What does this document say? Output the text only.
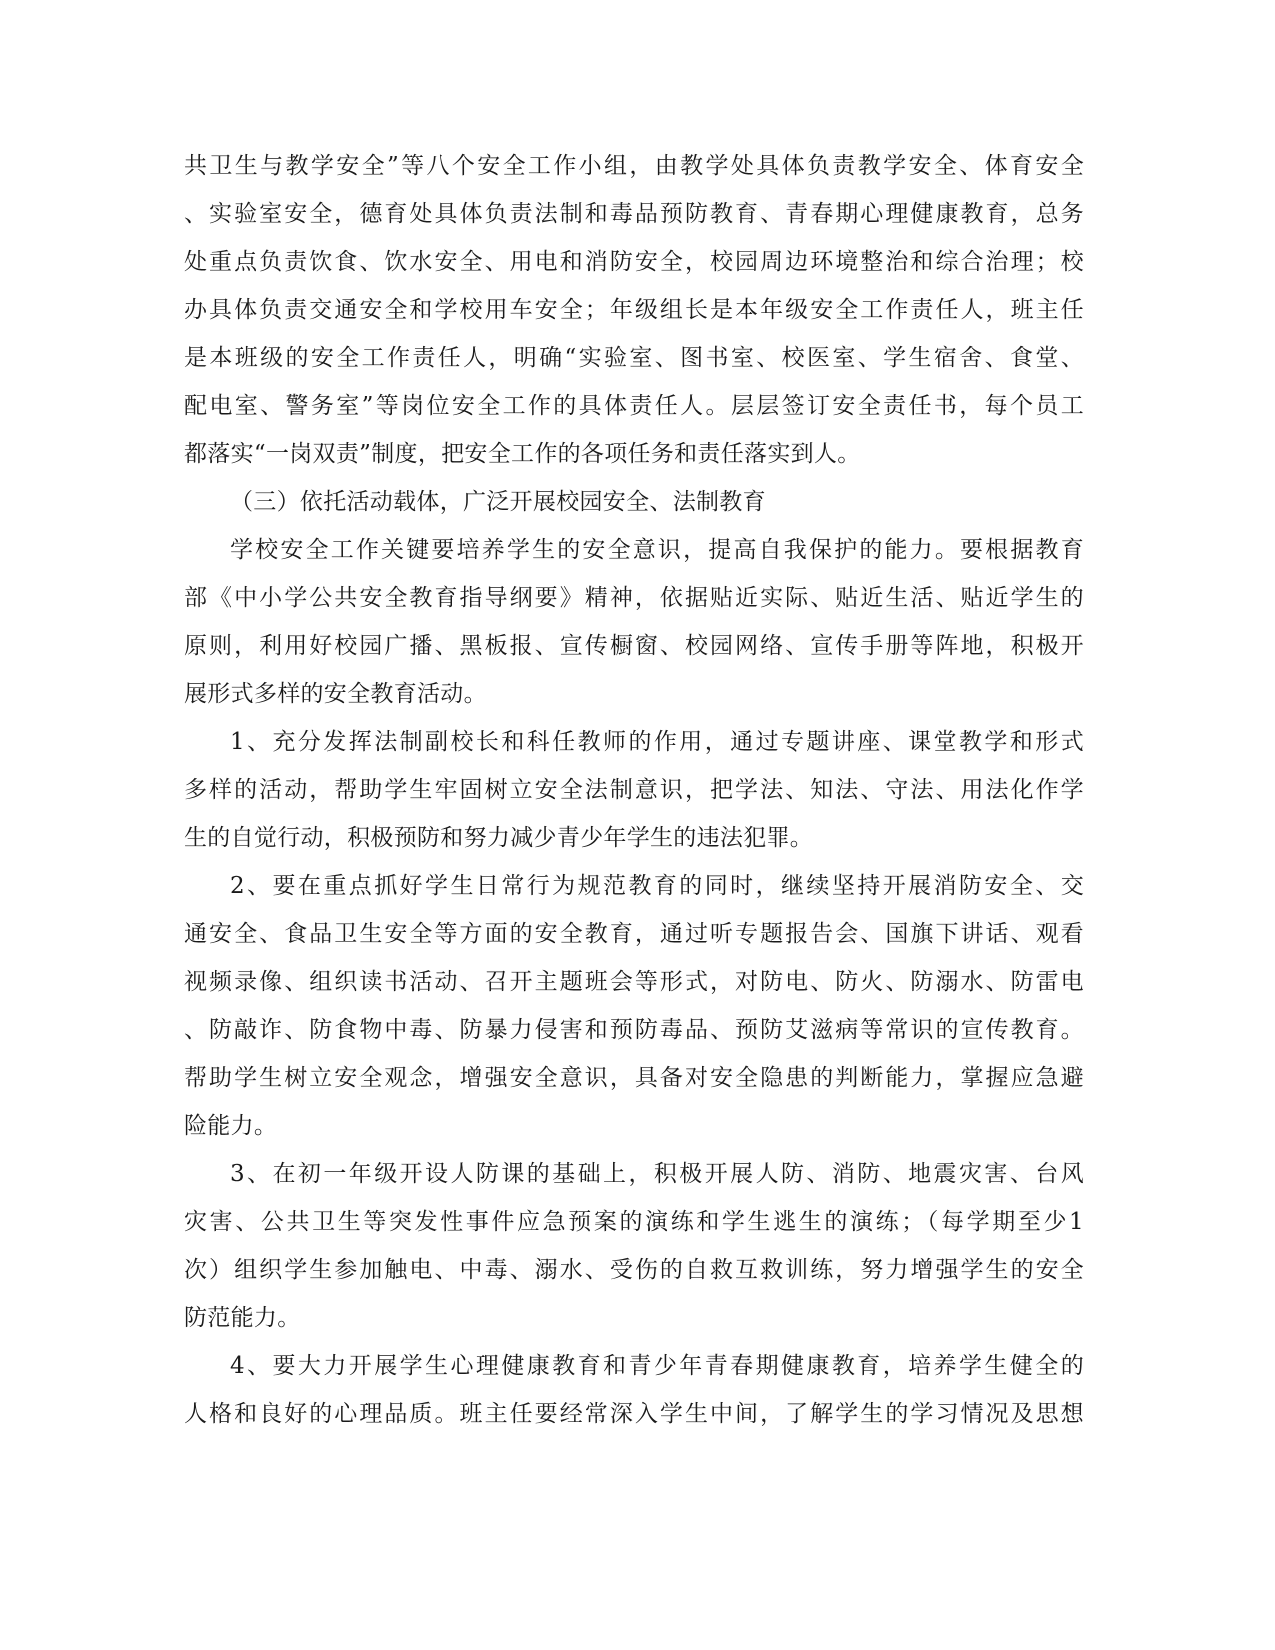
共卫生与教学安全”等八个安全工作小组，由教学处具体负责教学安全、体育安全
、实验室安全，德育处具体负责法制和毒品预防教育、青春期心理健康教育，总务
处重点负责饮食、饮水安全、用电和消防安全，校园周边环境整治和综合治理；校
办具体负责交通安全和学校用车安全；年级组长是本年级安全工作责任人，班主任
是本班级的安全工作责任人，明确“实验室、图书室、校医室、学生宿舍、食堂、
配电室、警务室”等岗位安全工作的具体责任人。层层签订安全责任书，每个员工
都落实“一岗双责”制度，把安全工作的各项任务和责任落实到人。
（三）依托活动载体，广泛开展校园安全、法制教育
学校安全工作关键要培养学生的安全意识，提高自我保护的能力。要根据教育
部《中小学公共安全教育指导纲要》精神，依据贴近实际、贴近生活、贴近学生的
原则，利用好校园广播、黑板报、宣传橱窗、校园网络、宣传手册等阵地，积极开
展形式多样的安全教育活动。
1、充分发挥法制副校长和科任教师的作用，通过专题讲座、课堂教学和形式
多样的活动，帮助学生牢固树立安全法制意识，把学法、知法、守法、用法化作学
生的自觉行动，积极预防和努力减少青少年学生的违法犯罪。
2、要在重点抓好学生日常行为规范教育的同时，继续坚持开展消防安全、交
通安全、食品卫生安全等方面的安全教育，通过听专题报告会、国旗下讲话、观看
视频录像、组织读书活动、召开主题班会等形式，对防电、防火、防溺水、防雷电
、防敲诈、防食物中毒、防暴力侵害和预防毒品、预防艾滋病等常识的宣传教育。
帮助学生树立安全观念，增强安全意识，具备对安全隐患的判断能力，掌握应急避
险能力。
3、在初一年级开设人防课的基础上，积极开展人防、消防、地震灾害、台风
灾害、公共卫生等突发性事件应急预案的演练和学生逃生的演练；（每学期至少1
次）组织学生参加触电、中毒、溺水、受伤的自救互救训练，努力增强学生的安全
防范能力。
4、要大力开展学生心理健康教育和青少年青春期健康教育，培养学生健全的
人格和良好的心理品质。班主任要经常深入学生中间，了解学生的学习情况及思想
